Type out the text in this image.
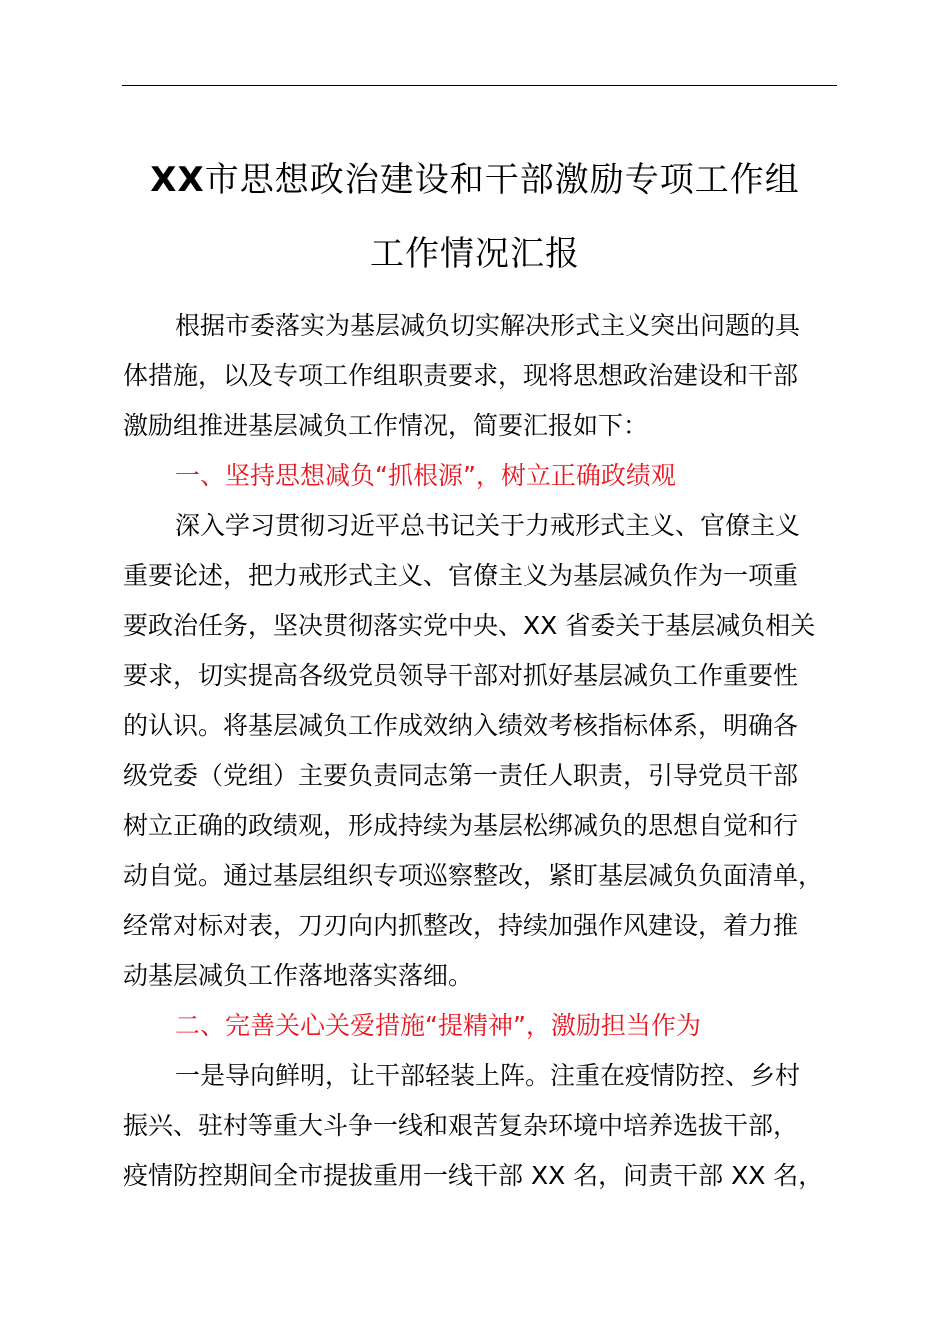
XX市思想政治建设和干部激励专项工作组
工作情况汇报
根据市委落实为基层减负切实解决形式主义突出问题的具
体措施，以及专项工作组职责要求，现将思想政治建设和干部
激励组推进基层减负工作情况，简要汇报如下：
一、坚持思想减负“抓根源”，树立正确政绩观
深入学习贯彻习近平总书记关于力戒形式主义、官僚主义
重要论述，把力戒形式主义、官僚主义为基层减负作为一项重
要政治任务，坚决贯彻落实党中央、XX 省委关于基层减负相关
要求，切实提高各级党员领导干部对抓好基层减负工作重要性
的认识。将基层减负工作成效纳入绩效考核指标体系，明确各
级党委（党组）主要负责同志第一责任人职责，引导党员干部
树立正确的政绩观，形成持续为基层松绑减负的思想自觉和行
动自觉。通过基层组织专项巡察整改，紧盯基层减负负面清单，
经常对标对表，刀刃向内抓整改，持续加强作风建设，着力推
动基层减负工作落地落实落细。
二、完善关心关爱措施“提精神”，激励担当作为
一是导向鲜明，让干部轻装上阵。注重在疫情防控、乡村
振兴、驻村等重大斗争一线和艰苦复杂环境中培养选拔干部，
疫情防控期间全市提拔重用一线干部 XX 名，问责干部 XX 名，
